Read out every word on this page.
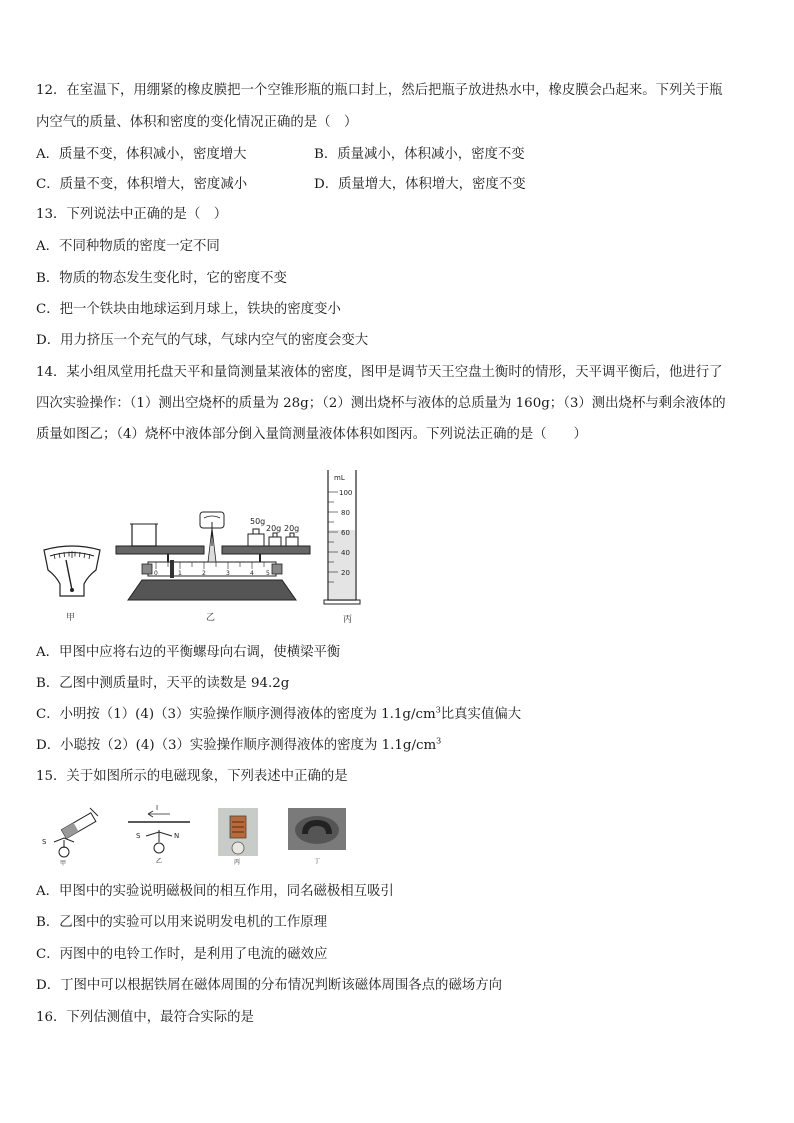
12．在室温下，用绷紧的橡皮膜把一个空锥形瓶的瓶口封上，然后把瓶子放进热水中，橡皮膜会凸起来。下列关于瓶
内空气的质量、体积和密度的变化情况正确的是（　）
A．质量不变，体积减小，密度增大	B．质量减小，体积减小，密度不变
C．质量不变，体积增大，密度减小	D．质量增大，体积增大，密度不变
13．下列说法中正确的是（　）
A．不同种物质的密度一定不同
B．物质的物态发生变化时，它的密度不变
C．把一个铁块由地球运到月球上，铁块的密度变小
D．用力挤压一个充气的气球，气球内空气的密度会变大
14．某小组凤堂用托盘天平和量筒测量某液体的密度，图甲是调节天王空盘土衡时的情形，天平调平衡后，他进行了
四次实验操作：（1）测出空烧杯的质量为 28g；（2）测出烧杯与液体的总质量为 160g；（3）测出烧杯与剩余液体的
质量如图乙；（4）烧杯中液体部分倒入量筒测量液体体积如图丙。下列说法正确的是（　　）
甲
0	1	2	3	4 5
50g
20g 20g
乙
mL
100
80
60
40
20
丙
A．甲图中应将右边的平衡螺母向右调，使横梁平衡
B．乙图中测质量时，天平的读数是 94.2g
C．小明按（1）(4)（3）实验操作顺序测得液体的密度为 $1.1g/cm^3$比真实值偏大
D．小聪按（2）(4)（3）实验操作顺序测得液体的密度为 $1.1g/cm^3$
15．关于如图所示的电磁现象，下列表述中正确的是
S
甲
I
S	N
乙	丙	丁
A．甲图中的实验说明磁极间的相互作用，同名磁极相互吸引
B．乙图中的实验可以用来说明发电机的工作原理
C．丙图中的电铃工作时，是利用了电流的磁效应
D．丁图中可以根据铁屑在磁体周围的分布情况判断该磁体周围各点的磁场方向
16．下列估测值中，最符合实际的是
